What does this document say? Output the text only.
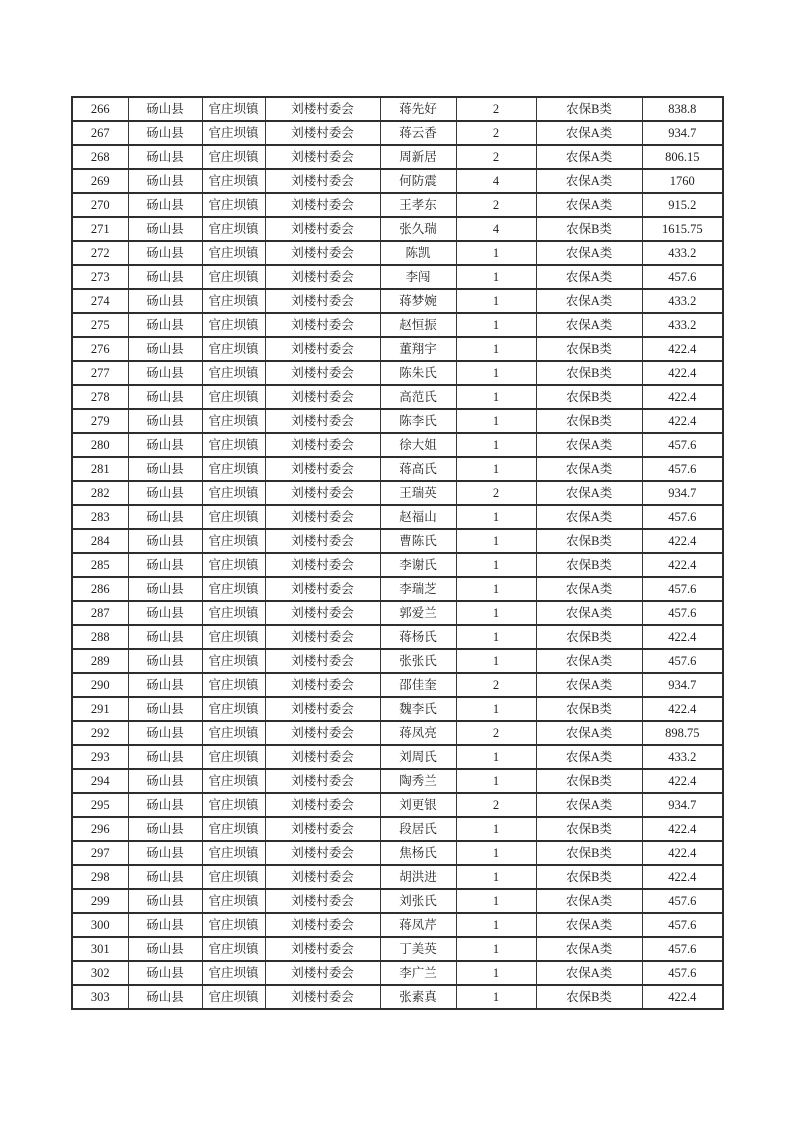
266	砀山县	官庄坝镇	刘楼村委会	蒋先好	2	农保B类	838.8
267	砀山县	官庄坝镇	刘楼村委会	蒋云香	2	农保A类	934.7
268	砀山县	官庄坝镇	刘楼村委会	周新居	2	农保A类	806.15
269	砀山县	官庄坝镇	刘楼村委会	何防震	4	农保A类	1760
270	砀山县	官庄坝镇	刘楼村委会	王孝东	2	农保A类	915.2
271	砀山县	官庄坝镇	刘楼村委会	张久瑞	4	农保B类	1615.75
272	砀山县	官庄坝镇	刘楼村委会	陈凯	1	农保A类	433.2
273	砀山县	官庄坝镇	刘楼村委会	李闯	1	农保A类	457.6
274	砀山县	官庄坝镇	刘楼村委会	蒋梦婉	1	农保A类	433.2
275	砀山县	官庄坝镇	刘楼村委会	赵恒振	1	农保A类	433.2
276	砀山县	官庄坝镇	刘楼村委会	董翔宇	1	农保B类	422.4
277	砀山县	官庄坝镇	刘楼村委会	陈朱氏	1	农保B类	422.4
278	砀山县	官庄坝镇	刘楼村委会	高范氏	1	农保B类	422.4
279	砀山县	官庄坝镇	刘楼村委会	陈李氏	1	农保B类	422.4
280	砀山县	官庄坝镇	刘楼村委会	徐大姐	1	农保A类	457.6
281	砀山县	官庄坝镇	刘楼村委会	蒋高氏	1	农保A类	457.6
282	砀山县	官庄坝镇	刘楼村委会	王瑞英	2	农保A类	934.7
283	砀山县	官庄坝镇	刘楼村委会	赵福山	1	农保A类	457.6
284	砀山县	官庄坝镇	刘楼村委会	曹陈氏	1	农保B类	422.4
285	砀山县	官庄坝镇	刘楼村委会	李谢氏	1	农保B类	422.4
286	砀山县	官庄坝镇	刘楼村委会	李瑞芝	1	农保A类	457.6
287	砀山县	官庄坝镇	刘楼村委会	郭爱兰	1	农保A类	457.6
288	砀山县	官庄坝镇	刘楼村委会	蒋杨氏	1	农保B类	422.4
289	砀山县	官庄坝镇	刘楼村委会	张张氏	1	农保A类	457.6
290	砀山县	官庄坝镇	刘楼村委会	邵佳奎	2	农保A类	934.7
291	砀山县	官庄坝镇	刘楼村委会	魏李氏	1	农保B类	422.4
292	砀山县	官庄坝镇	刘楼村委会	蒋凤亮	2	农保A类	898.75
293	砀山县	官庄坝镇	刘楼村委会	刘周氏	1	农保A类	433.2
294	砀山县	官庄坝镇	刘楼村委会	陶秀兰	1	农保B类	422.4
295	砀山县	官庄坝镇	刘楼村委会	刘更银	2	农保A类	934.7
296	砀山县	官庄坝镇	刘楼村委会	段居氏	1	农保B类	422.4
297	砀山县	官庄坝镇	刘楼村委会	焦杨氏	1	农保B类	422.4
298	砀山县	官庄坝镇	刘楼村委会	胡洪进	1	农保B类	422.4
299	砀山县	官庄坝镇	刘楼村委会	刘张氏	1	农保A类	457.6
300	砀山县	官庄坝镇	刘楼村委会	蒋凤芹	1	农保A类	457.6
301	砀山县	官庄坝镇	刘楼村委会	丁美英	1	农保A类	457.6
302	砀山县	官庄坝镇	刘楼村委会	李广兰	1	农保A类	457.6
303	砀山县	官庄坝镇	刘楼村委会	张素真	1	农保B类	422.4
